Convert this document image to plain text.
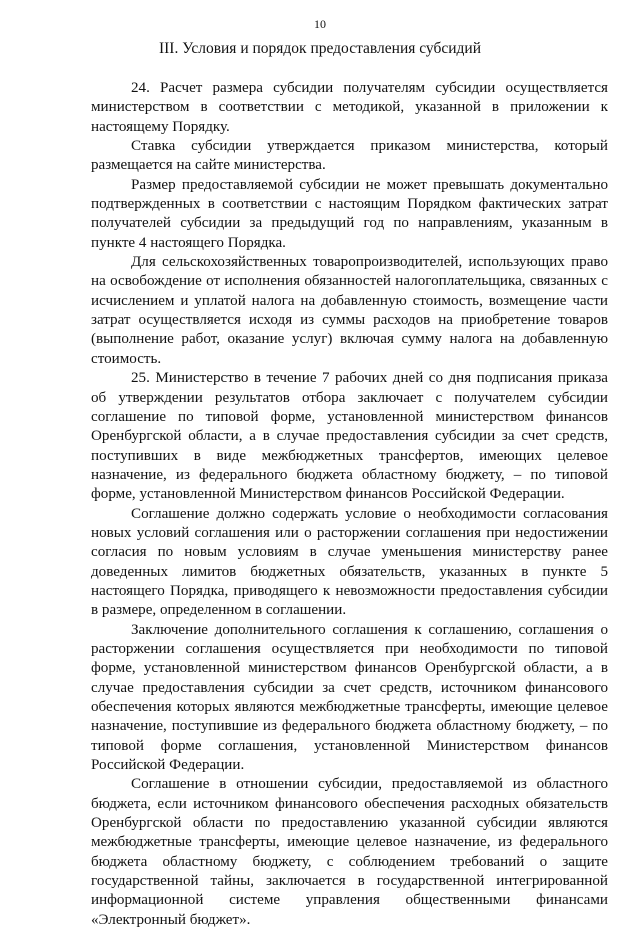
10
III. Условия и порядок предоставления субсидий

24. Расчет размера субсидии получателям субсидии осуществляется министерством в соответствии с методикой, указанной в приложении к настоящему Порядку.

Ставка субсидии утверждается приказом министерства, который размещается на сайте министерства.

Размер предоставляемой субсидии не может превышать документально подтвержденных в соответствии с настоящим Порядком фактических затрат получателей субсидии за предыдущий год по направлениям, указанным в пункте 4 настоящего Порядка.

Для сельскохозяйственных товаропроизводителей, использующих право на освобождение от исполнения обязанностей налогоплательщика, связанных с исчислением и уплатой налога на добавленную стоимость, возмещение части затрат осуществляется исходя из суммы расходов на приобретение товаров (выполнение работ, оказание услуг) включая сумму налога на добавленную стоимость.

25. Министерство в течение 7 рабочих дней со дня подписания приказа об утверждении результатов отбора заключает с получателем субсидии соглашение по типовой форме, установленной министерством финансов Оренбургской области, а в случае предоставления субсидии за счет средств, поступивших в виде межбюджетных трансфертов, имеющих целевое назначение, из федерального бюджета областному бюджету, – по типовой форме, установленной Министерством финансов Российской Федерации.

Соглашение должно содержать условие о необходимости согласования новых условий соглашения или о расторжении соглашения при недостижении согласия по новым условиям в случае уменьшения министерству ранее доведенных лимитов бюджетных обязательств, указанных в пункте 5 настоящего Порядка, приводящего к невозможности предоставления субсидии в размере, определенном в соглашении.

Заключение дополнительного соглашения к соглашению, соглашения о расторжении соглашения осуществляется при необходимости по типовой форме, установленной министерством финансов Оренбургской области, а в случае предоставления субсидии за счет средств, источником финансового обеспечения которых являются межбюджетные трансферты, имеющие целевое назначение, поступившие из федерального бюджета областному бюджету, – по типовой форме соглашения, установленной Министерством финансов Российской Федерации.

Соглашение в отношении субсидии, предоставляемой из областного бюджета, если источником финансового обеспечения расходных обязательств Оренбургской области по предоставлению указанной субсидии являются межбюджетные трансферты, имеющие целевое назначение, из федерального бюджета областному бюджету, с соблюдением требований о защите государственной тайны, заключается в государственной интегрированной информационной системе управления общественными финансами «Электронный бюджет».
